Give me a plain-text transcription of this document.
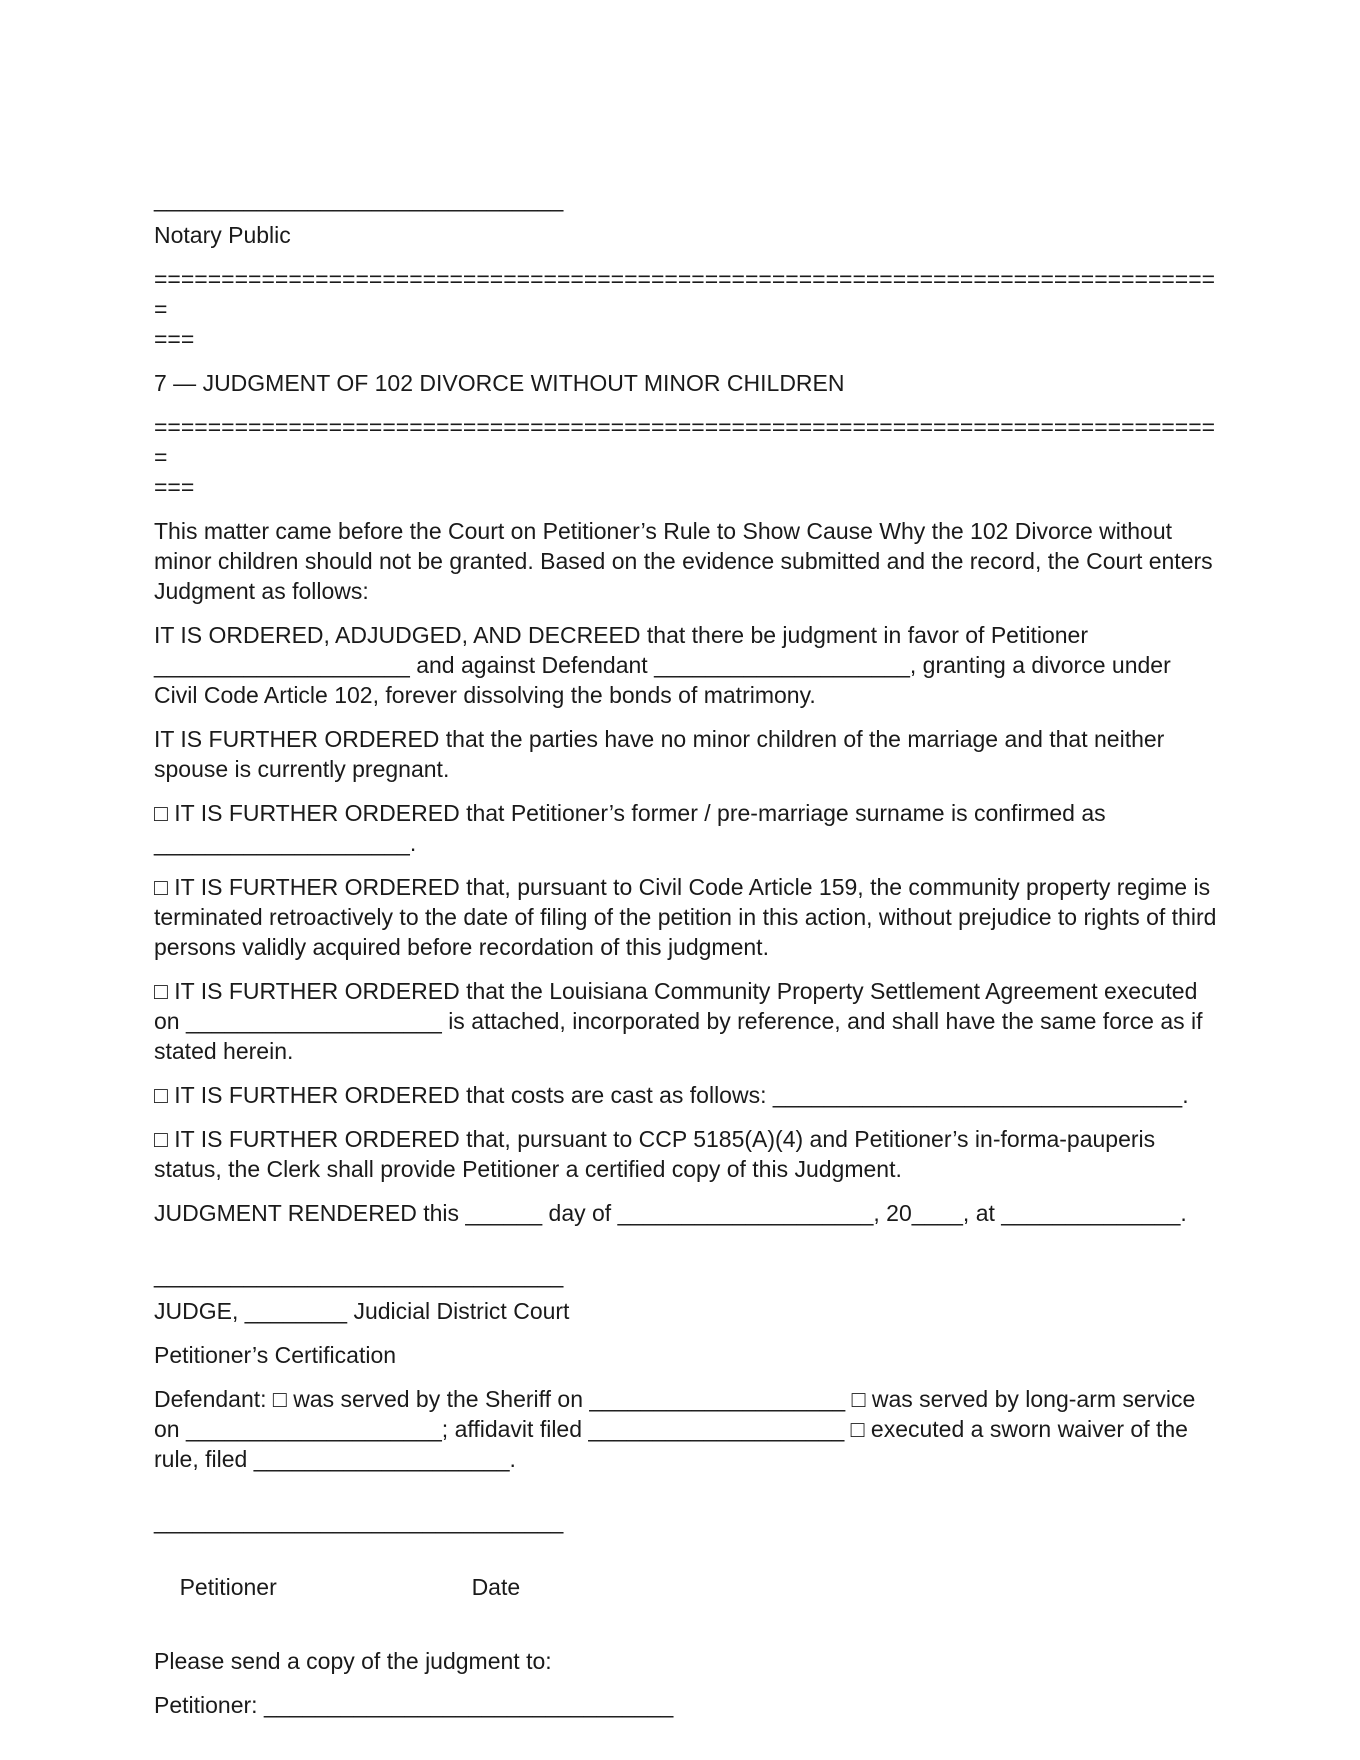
________________________________
Notary Public
================================================================================
===
7 — JUDGMENT OF 102 DIVORCE WITHOUT MINOR CHILDREN
================================================================================
===
This matter came before the Court on Petitioner’s Rule to Show Cause Why the 102 Divorce without minor children should not be granted. Based on the evidence submitted and the record, the Court enters Judgment as follows:
IT IS ORDERED, ADJUDGED, AND DECREED that there be judgment in favor of Petitioner ____________________ and against Defendant ____________________, granting a divorce under Civil Code Article 102, forever dissolving the bonds of matrimony.
IT IS FURTHER ORDERED that the parties have no minor children of the marriage and that neither spouse is currently pregnant.
□ IT IS FURTHER ORDERED that Petitioner’s former / pre-marriage surname is confirmed as ____________________.
□ IT IS FURTHER ORDERED that, pursuant to Civil Code Article 159, the community property regime is terminated retroactively to the date of filing of the petition in this action, without prejudice to rights of third persons validly acquired before recordation of this judgment.
□ IT IS FURTHER ORDERED that the Louisiana Community Property Settlement Agreement executed on ____________________ is attached, incorporated by reference, and shall have the same force as if stated herein.
□ IT IS FURTHER ORDERED that costs are cast as follows: ________________________________.
□ IT IS FURTHER ORDERED that, pursuant to CCP 5185(A)(4) and Petitioner’s in-forma-pauperis status, the Clerk shall provide Petitioner a certified copy of this Judgment.
JUDGMENT RENDERED this ______ day of ____________________, 20____, at ______________.
________________________________
JUDGE, ________ Judicial District Court
Petitioner’s Certification
Defendant: □ was served by the Sheriff on ____________________ □ was served by long-arm service on ____________________; affidavit filed ____________________ □ executed a sworn waiver of the rule, filed ____________________.
________________________________

Petitioner	Date

Please send a copy of the judgment to:
Petitioner: ________________________________
